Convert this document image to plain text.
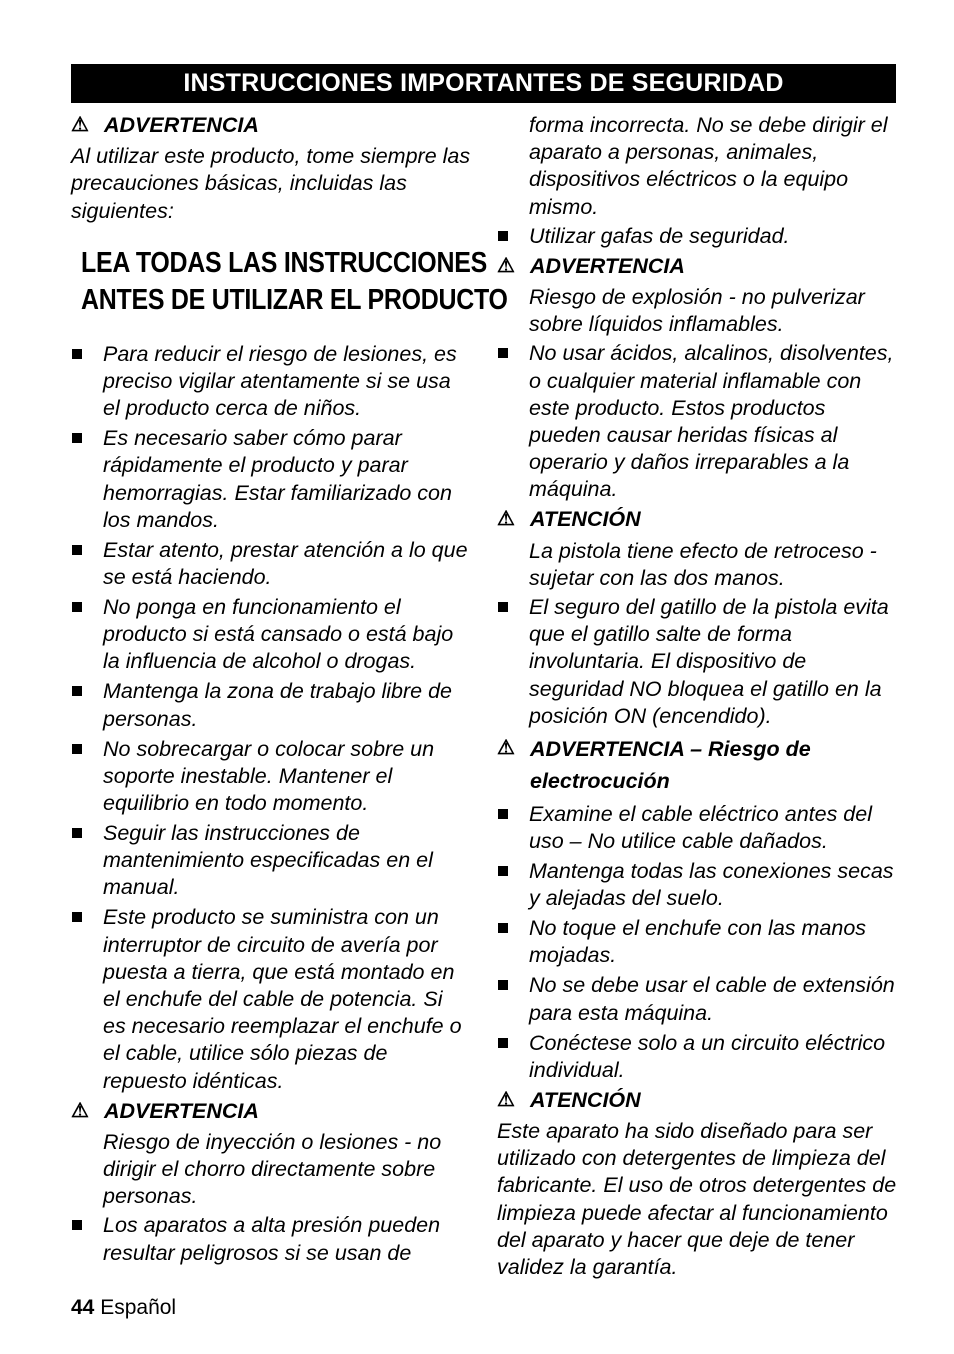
INSTRUCCIONES IMPORTANTES DE SEGURIDAD
⚠ ADVERTENCIA
Al utilizar este producto, tome siempre las precauciones básicas, incluidas las siguientes:
LEA TODAS LAS INSTRUCCIONES
ANTES DE UTILIZAR EL PRODUCTO
Para reducir el riesgo de lesiones, es preciso vigilar atentamente si se usa el producto cerca de niños.
Es necesario saber cómo parar rápidamente el producto y parar hemorragias. Estar familiarizado con los mandos.
Estar atento, prestar atención a lo que se está haciendo.
No ponga en funcionamiento el producto si está cansado o está bajo la influencia de alcohol o drogas.
Mantenga la zona de trabajo libre de personas.
No sobrecargar o colocar sobre un soporte inestable. Mantener el equilibrio en todo momento.
Seguir las instrucciones de mantenimiento especificadas en el manual.
Este producto se suministra con un interruptor de circuito de avería por puesta a tierra, que está montado en el enchufe del cable de potencia. Si es necesario reemplazar el enchufe o el cable, utilice sólo piezas de repuesto idénticas.
⚠ ADVERTENCIA
Riesgo de inyección o lesiones - no dirigir el chorro directamente sobre personas.
Los aparatos a alta presión pueden resultar peligrosos si se usan de
forma incorrecta. No se debe dirigir el aparato a personas, animales, dispositivos eléctricos o la equipo mismo.
Utilizar gafas de seguridad.
⚠ ADVERTENCIA
Riesgo de explosión - no pulverizar sobre líquidos inflamables.
No usar ácidos, alcalinos, disolventes, o cualquier material inflamable con este producto. Estos productos pueden causar heridas físicas al operario y daños irreparables a la máquina.
⚠ ATENCIÓN
La pistola tiene efecto de retroceso - sujetar con las dos manos.
El seguro del gatillo de la pistola evita que el gatillo salte de forma involuntaria. El dispositivo de seguridad NO bloquea el gatillo en la posición ON (encendido).
⚠ ADVERTENCIA – Riesgo de electrocución
Examine el cable eléctrico antes del uso – No utilice cable dañados.
Mantenga todas las conexiones secas y alejadas del suelo.
No toque el enchufe con las manos mojadas.
No se debe usar el cable de extensión para esta máquina.
Conéctese solo a un circuito eléctrico individual.
⚠ ATENCIÓN
Este aparato ha sido diseñado para ser utilizado con detergentes de limpieza del fabricante. El uso de otros detergentes de limpieza puede afectar al funcionamiento del aparato y hacer que deje de tener validez la garantía.
44 Español
